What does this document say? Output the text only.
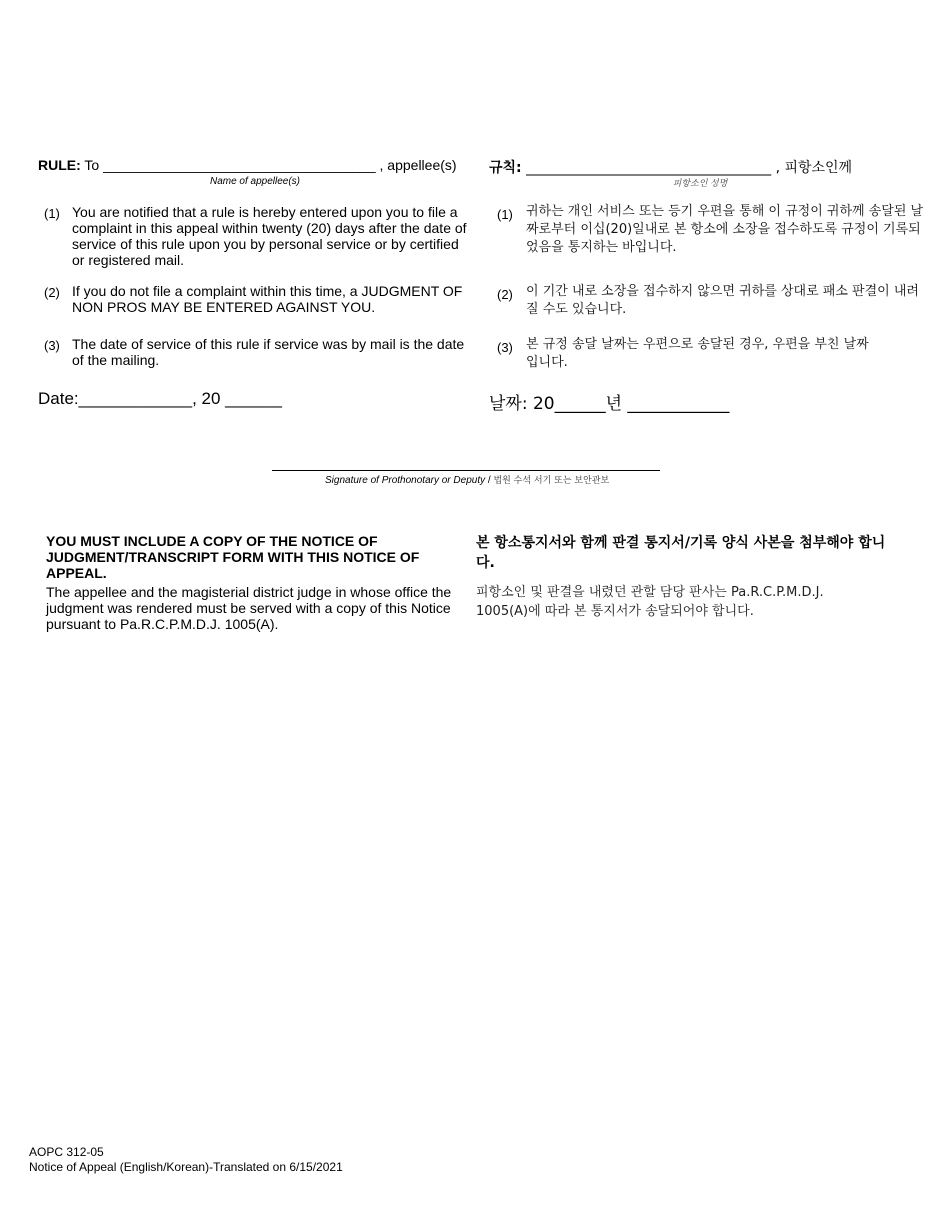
RULE: To ___________________________________ , appellee(s)
Name of appellee(s)
규칙: ___________________________________ , 피항소인께
피항소인 성명
(1) You are notified that a rule is hereby entered upon you to file a complaint in this appeal within twenty (20) days after the date of service of this rule upon you by personal service or by certified or registered mail.
(2) If you do not file a complaint within this time, a JUDGMENT OF NON PROS MAY BE ENTERED AGAINST YOU.
(3) The date of service of this rule if service was by mail is the date of the mailing.
(1) 귀하는 개인 서비스 또는 등기 우편을 통해 이 규정이 귀하께 송달된 날짜로부터 이십(20)일내로 본 항소에 소장을 접수하도록 규정이 기록되었음을 통지하는 바입니다.
(2) 이 기간 내로 소장을 접수하지 않으면 귀하를 상대로 패소 판결이 내려질 수도 있습니다.
(3) 본 규정 송달 날짜는 우편으로 송달된 경우, 우편을 부친 날짜입니다.
Date:____________, 20 ______	날짜: 20______년 ____________
Signature of Prothonotary or Deputy / 법원 수석 서기 또는 보안관보
YOU MUST INCLUDE A COPY OF THE NOTICE OF JUDGMENT/TRANSCRIPT FORM WITH THIS NOTICE OF APPEAL.
The appellee and the magisterial district judge in whose office the judgment was rendered must be served with a copy of this Notice pursuant to Pa.R.C.P.M.D.J. 1005(A).
본 항소통지서와 함께 판결 통지서/기록 양식 사본을 첨부해야 합니다.
피항소인 및 판결을 내렸던 관할 담당 판사는 Pa.R.C.P.M.D.J. 1005(A)에 따라 본 통지서가 송달되어야 합니다.
AOPC 312-05
Notice of Appeal (English/Korean)-Translated on 6/15/2021
